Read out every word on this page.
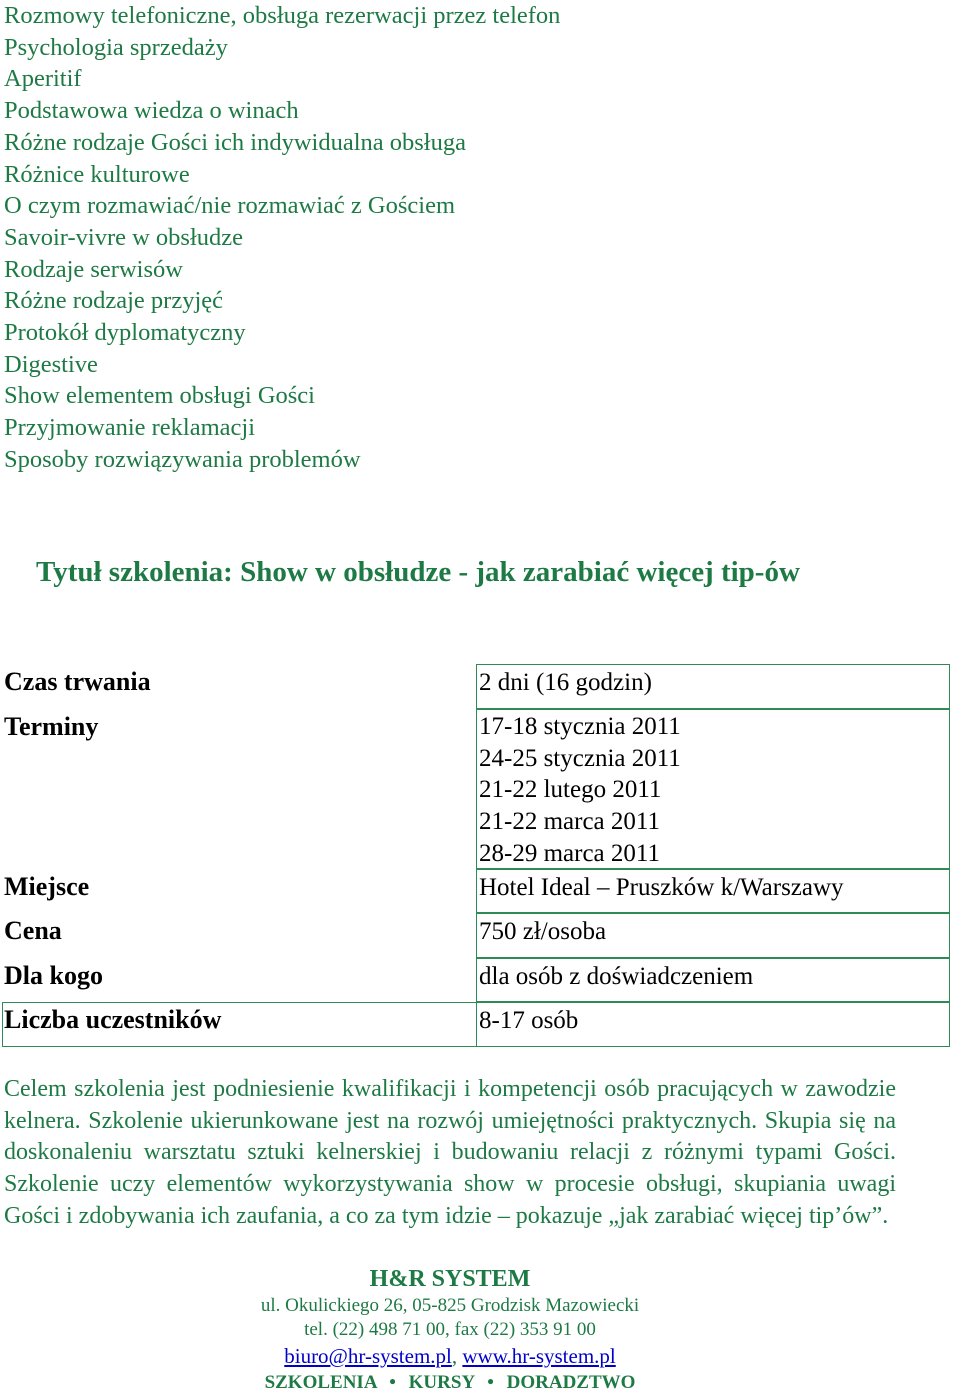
Rozmowy telefoniczne, obsługa rezerwacji przez telefon
Psychologia sprzedaży
Aperitif
Podstawowa wiedza o winach
Różne rodzaje Gości ich indywidualna obsługa
Różnice kulturowe
O czym rozmawiać/nie rozmawiać z Gościem
Savoir-vivre w obsłudze
Rodzaje serwisów
Różne rodzaje przyjęć
Protokół dyplomatyczny
Digestive
Show elementem obsługi Gości
Przyjmowanie reklamacji
Sposoby rozwiązywania problemów
Tytuł szkolenia: Show w obsłudze - jak zarabiać więcej tip-ów
Czas trwania	2 dni (16 godzin)
Terminy	17-18 stycznia 2011
24-25 stycznia 2011
21-22 lutego 2011
21-22 marca 2011
28-29 marca 2011
Miejsce	Hotel Ideal – Pruszków k/Warszawy
Cena	750 zł/osoba
Dla kogo	dla osób z doświadczeniem
Liczba uczestników	8-17 osób

Celem szkolenia jest podniesienie kwalifikacji i kompetencji osób pracujących w zawodzie kelnera. Szkolenie ukierunkowane jest na rozwój umiejętności praktycznych. Skupia się na doskonaleniu warsztatu sztuki kelnerskiej i budowaniu relacji z różnymi typami Gości. Szkolenie uczy elementów wykorzystywania show w procesie obsługi, skupiania uwagi Gości i zdobywania ich zaufania, a co za tym idzie – pokazuje „jak zarabiać więcej tip’ów”.

H&R SYSTEM
ul. Okulickiego 26, 05-825 Grodzisk Mazowiecki
tel. (22) 498 71 00, fax (22) 353 91 00
biuro@hr-system.pl, www.hr-system.pl
SZKOLENIA • KURSY • DORADZTWO
